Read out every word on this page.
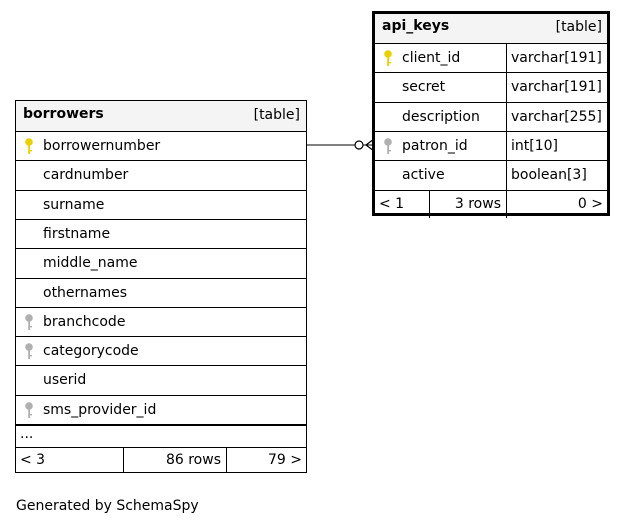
borrowers	[table]
borrowernumber
cardnumber
surname
firstname
middle_name
othernames
branchcode
categorycode
userid
sms_provider_id
...
< 3	86 rows	79 >
api_keys	[table]
client_id	varchar[191]
secret	varchar[191]
description varchar[255]
patron_id	int[10]
active	boolean[3]
< 1	3 rows	0 >
Generated by SchemaSpy
